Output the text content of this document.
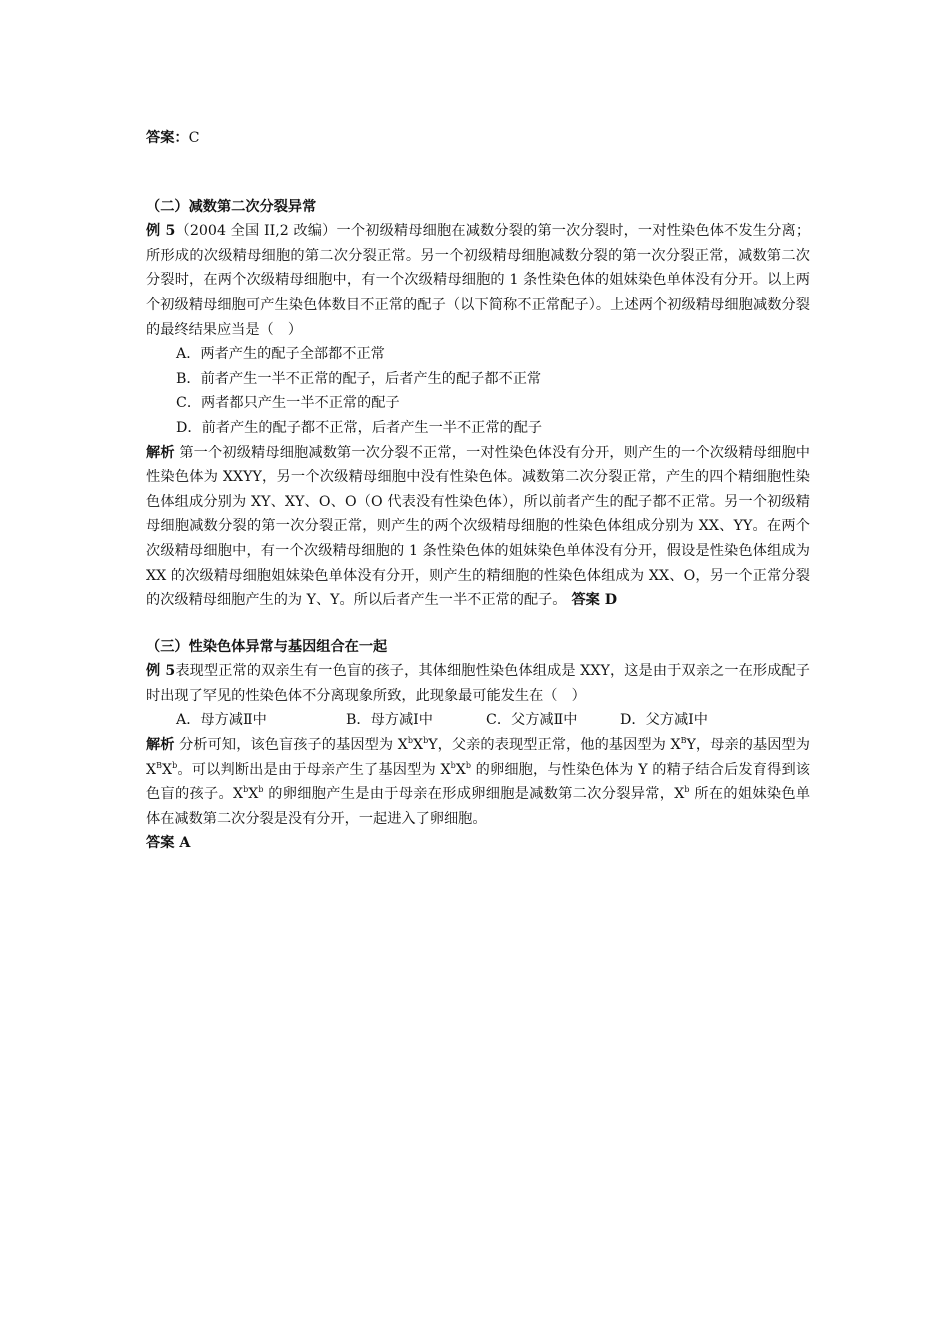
答案：C

（二）减数第二次分裂异常

例 5（2004 全国 II,2 改编）一个初级精母细胞在减数分裂的第一次分裂时，一对性染色体不发生分离；所形成的次级精母细胞的第二次分裂正常。另一个初级精母细胞减数分裂的第一次分裂正常，减数第二次分裂时，在两个次级精母细胞中，有一个次级精母细胞的 1 条性染色体的姐妹染色单体没有分开。以上两个初级精母细胞可产生染色体数目不正常的配子（以下简称不正常配子）。上述两个初级精母细胞减数分裂的最终结果应当是（　）

A．两者产生的配子全部都不正常

B．前者产生一半不正常的配子，后者产生的配子都不正常

C．两者都只产生一半不正常的配子

D．前者产生的配子都不正常，后者产生一半不正常的配子

解析 第一个初级精母细胞减数第一次分裂不正常，一对性染色体没有分开，则产生的一个次级精母细胞中性染色体为 XXYY，另一个次级精母细胞中没有性染色体。减数第二次分裂正常，产生的四个精细胞性染色体组成分别为 XY、XY、O、O（O 代表没有性染色体），所以前者产生的配子都不正常。另一个初级精母细胞减数分裂的第一次分裂正常，则产生的两个次级精母细胞的性染色体组成分别为 XX、YY。在两个次级精母细胞中，有一个次级精母细胞的 1 条性染色体的姐妹染色单体没有分开，假设是性染色体组成为 XX 的次级精母细胞姐妹染色单体没有分开，则产生的精细胞的性染色体组成为 XX、O，另一个正常分裂的次级精母细胞产生的为 Y、Y。所以后者产生一半不正常的配子。 答案 D

（三）性染色体异常与基因组合在一起

例 5表现型正常的双亲生有一色盲的孩子，其体细胞性染色体组成是 XXY，这是由于双亲之一在形成配子时出现了罕见的性染色体不分离现象所致，此现象最可能发生在（　）

A．母方减Ⅱ中	B．母方减Ⅰ中	C．父方减Ⅱ中	D．父方减Ⅰ中

解析 分析可知，该色盲孩子的基因型为 $X^bX^bY$，父亲的表现型正常，他的基因型为 $X^BY$，母亲的基因型为 $X^BX^b$。可以判断出是由于母亲产生了基因型为 $X^bX^b$ 的卵细胞，与性染色体为 Y 的精子结合后发育得到该色盲的孩子。$X^bX^b$ 的卵细胞产生是由于母亲在形成卵细胞是减数第二次分裂异常，$X^b$ 所在的姐妹染色单体在减数第二次分裂是没有分开，一起进入了卵细胞。

答案 A
